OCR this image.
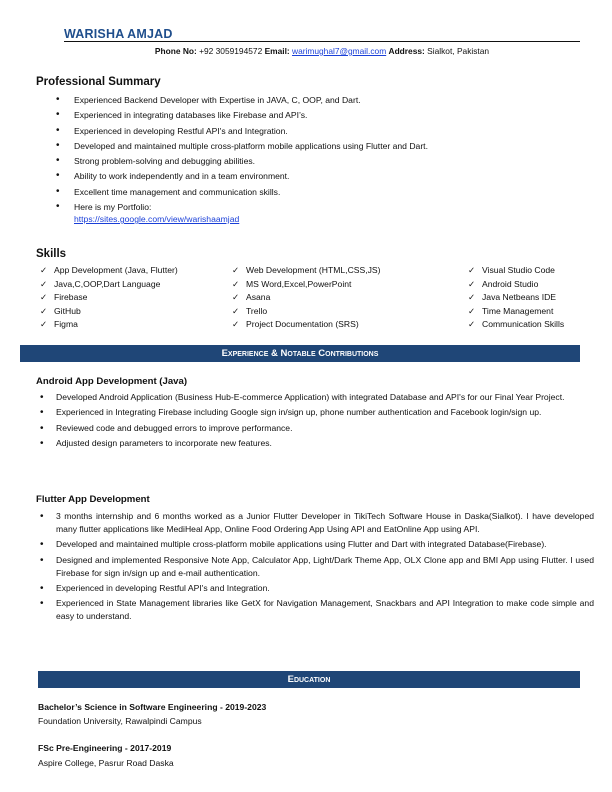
WARISHA AMJAD
Phone No: +92 3059194572 Email: warimughal7@gmail.com Address: Sialkot, Pakistan
Professional Summary
• Experienced Backend Developer with Expertise in JAVA, C, OOP, and Dart.
• Experienced in integrating databases like Firebase and API’s.
• Experienced in developing Restful API's and Integration.
• Developed and maintained multiple cross-platform mobile applications using Flutter and Dart.
• Strong problem-solving and debugging abilities.
• Ability to work independently and in a team environment.
• Excellent time management and communication skills.
• Here is my Portfolio:
https://sites.google.com/view/warishaamjad
Skills
✓ App Development (Java, Flutter)
✓ Java,C,OOP,Dart Language
✓ Firebase
✓ GitHub
✓ Figma
✓ Web Development (HTML,CSS,JS)
✓ MS Word,Excel,PowerPoint
✓ Asana
✓ Trello
✓ Project Documentation (SRS)
✓ Visual Studio Code
✓ Android Studio
✓ Java Netbeans IDE
✓ Time Management
✓ Communication Skills
Experience & Notable Contributions
Android App Development (Java)
• Developed Android Application (Business Hub-E-commerce Application) with integrated Database and API's for our Final Year Project.
• Experienced in Integrating Firebase including Google sign in/sign up, phone number authentication and Facebook login/sign up.
• Reviewed code and debugged errors to improve performance.
• Adjusted design parameters to incorporate new features.
Flutter App Development
• 3 months internship and 6 months worked as a Junior Flutter Developer in TikiTech Software House in Daska(Sialkot). I have developed many flutter applications like MediHeal App, Online Food Ordering App Using API and EatOnline App using API.
• Developed and maintained multiple cross-platform mobile applications using Flutter and Dart with integrated Database(Firebase).
• Designed and implemented Responsive Note App, Calculator App, Light/Dark Theme App, OLX Clone app and BMI App using Flutter. I used Firebase for sign in/sign up and e-mail authentication.
• Experienced in developing Restful API's and Integration.
• Experienced in State Management libraries like GetX for Navigation Management, Snackbars and API Integration to make code simple and easy to understand.
Education
Bachelor’s Science in Software Engineering - 2019-2023
Foundation University, Rawalpindi Campus
FSc Pre-Engineering - 2017-2019
Aspire College, Pasrur Road Daska
